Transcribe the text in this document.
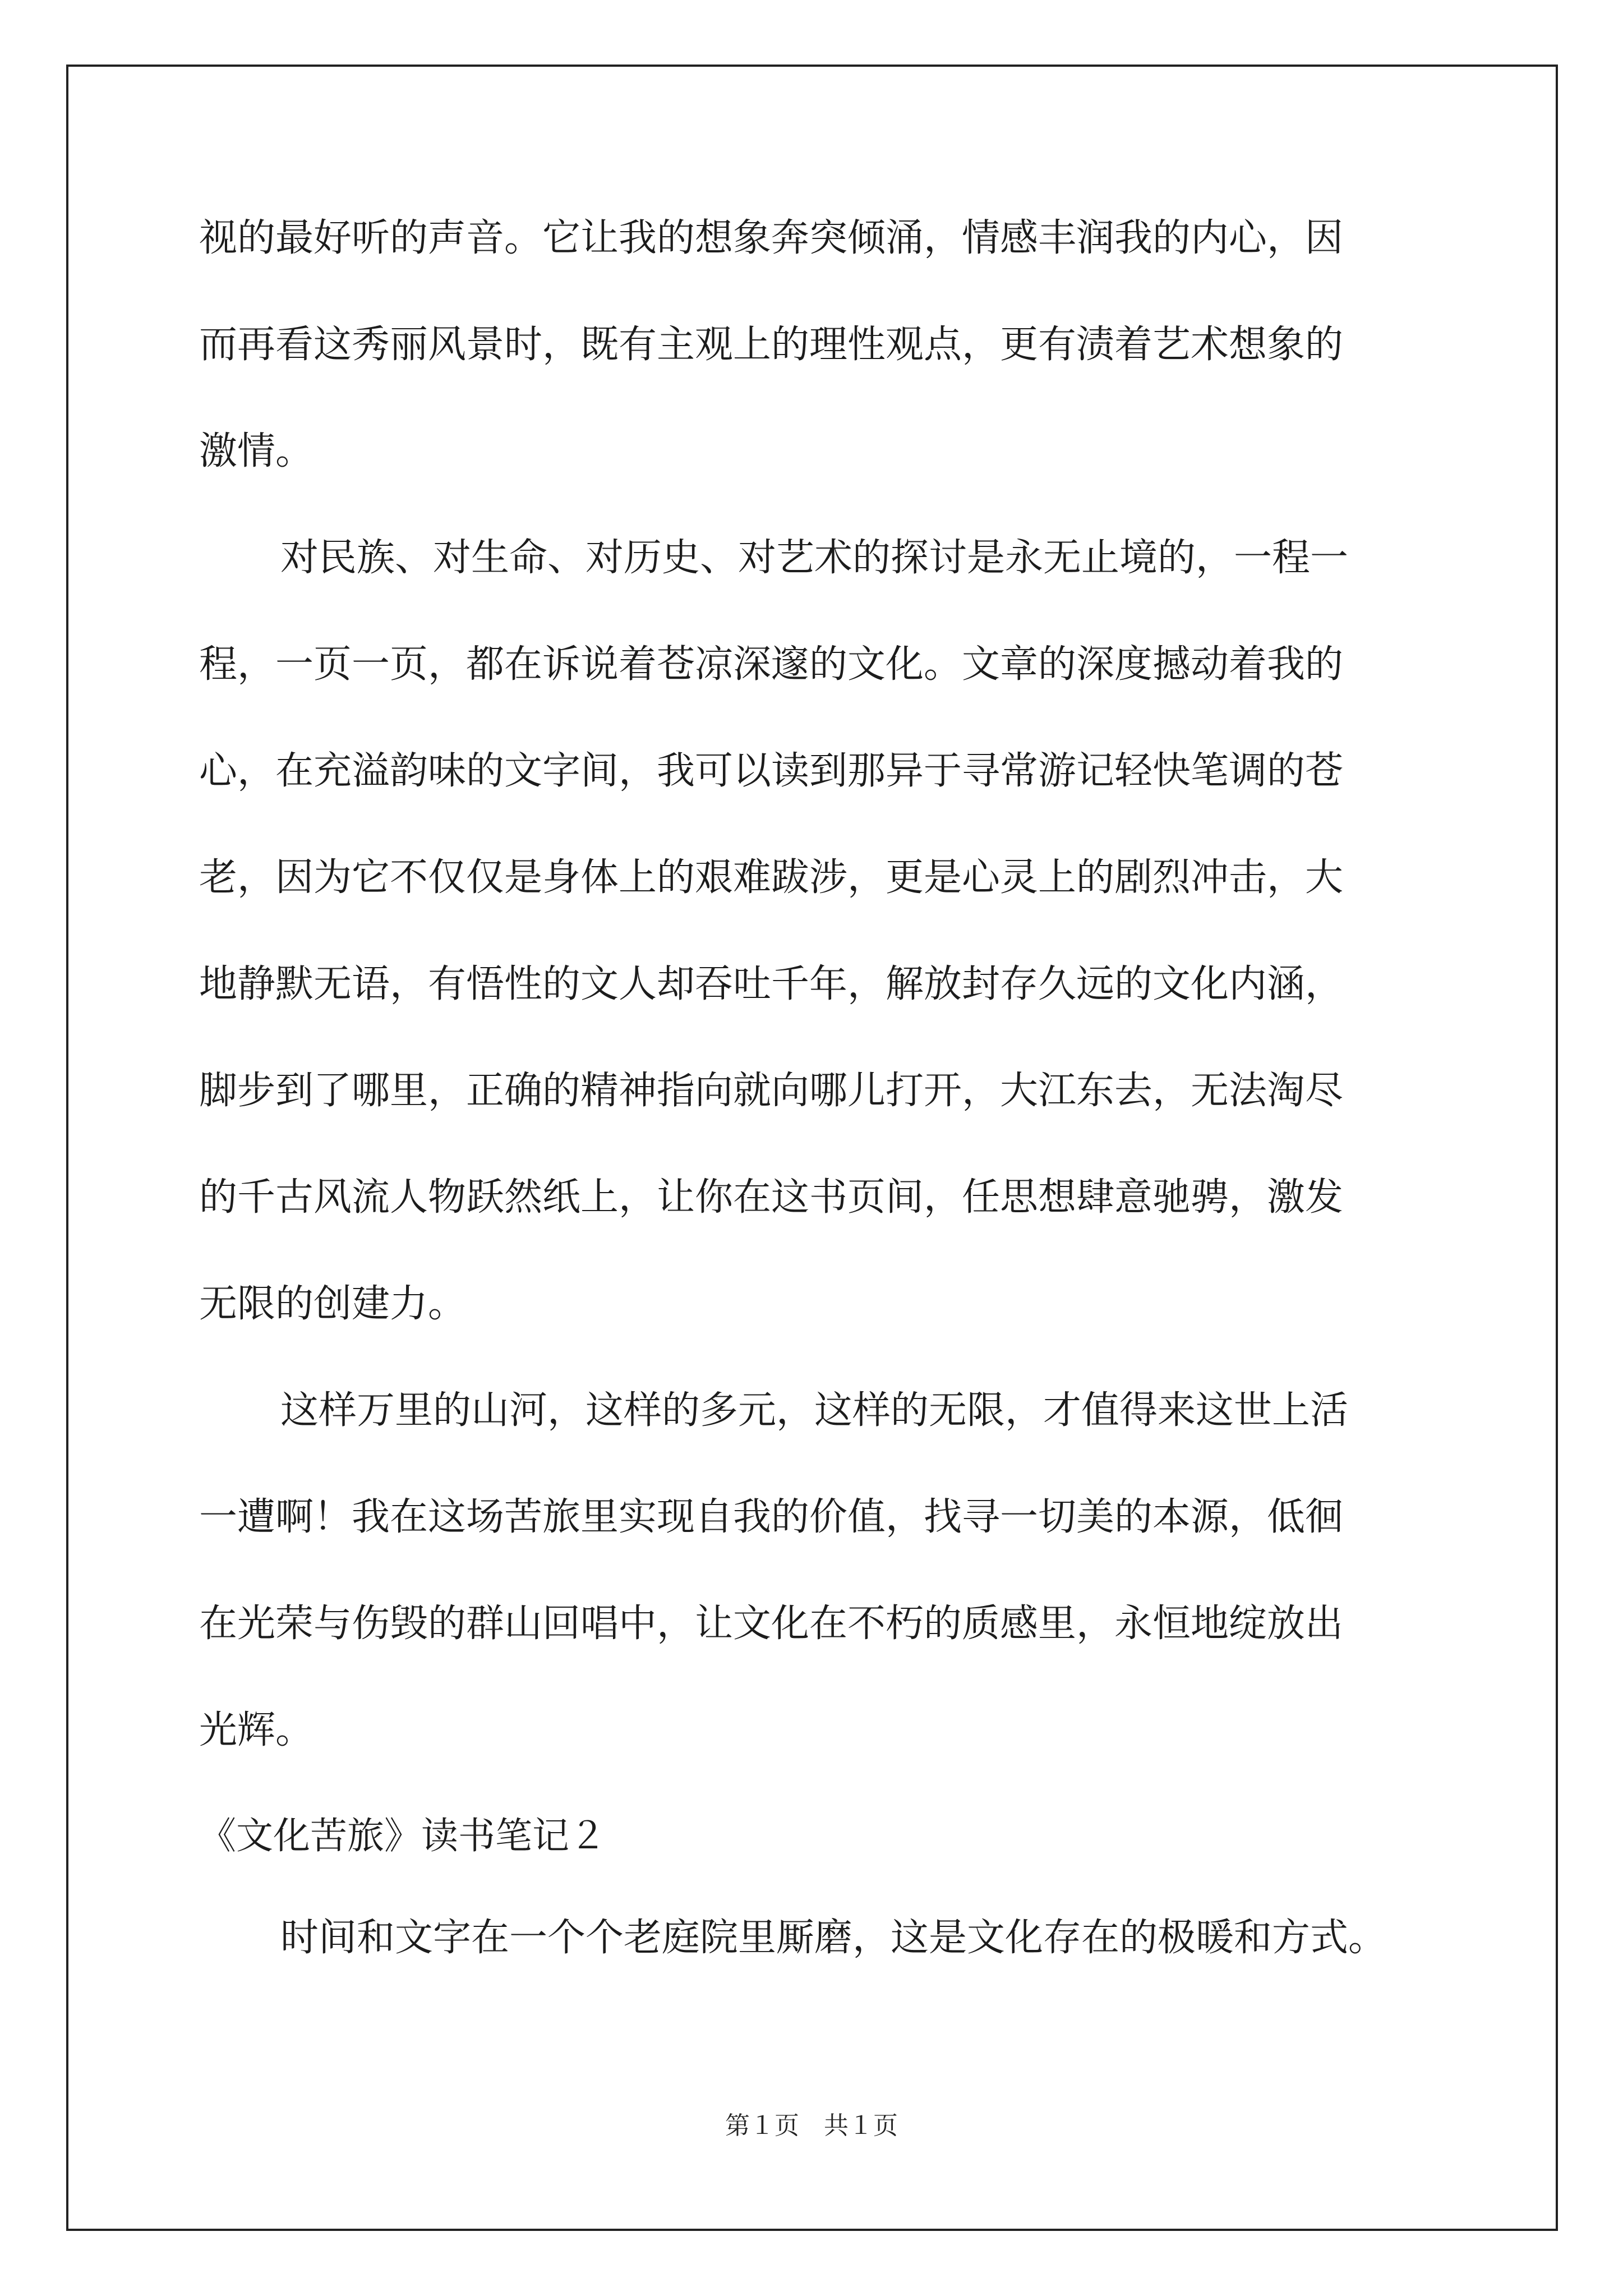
视的最好听的声音。它让我的想象奔突倾涌，情感丰润我的内心，因
而再看这秀丽风景时，既有主观上的理性观点，更有渍着艺术想象的
激情。
对民族、对生命、对历史、对艺术的探讨是永无止境的，一程一
程，一页一页，都在诉说着苍凉深邃的文化。文章的深度撼动着我的
心，在充溢韵味的文字间，我可以读到那异于寻常游记轻快笔调的苍
老，因为它不仅仅是身体上的艰难跋涉，更是心灵上的剧烈冲击，大
地静默无语，有悟性的文人却吞吐千年，解放封存久远的文化内涵，
脚步到了哪里，正确的精神指向就向哪儿打开，大江东去，无法淘尽
的千古风流人物跃然纸上，让你在这书页间，任思想肆意驰骋，激发
无限的创建力。
这样万里的山河，这样的多元，这样的无限，才值得来这世上活
一遭啊！我在这场苦旅里实现自我的价值，找寻一切美的本源，低徊
在光荣与伤毁的群山回唱中，让文化在不朽的质感里，永恒地绽放出
光辉。
《文化苦旅》读书笔记２
时间和文字在一个个老庭院里厮磨，这是文化存在的极暖和方式。
第１页　共１页
